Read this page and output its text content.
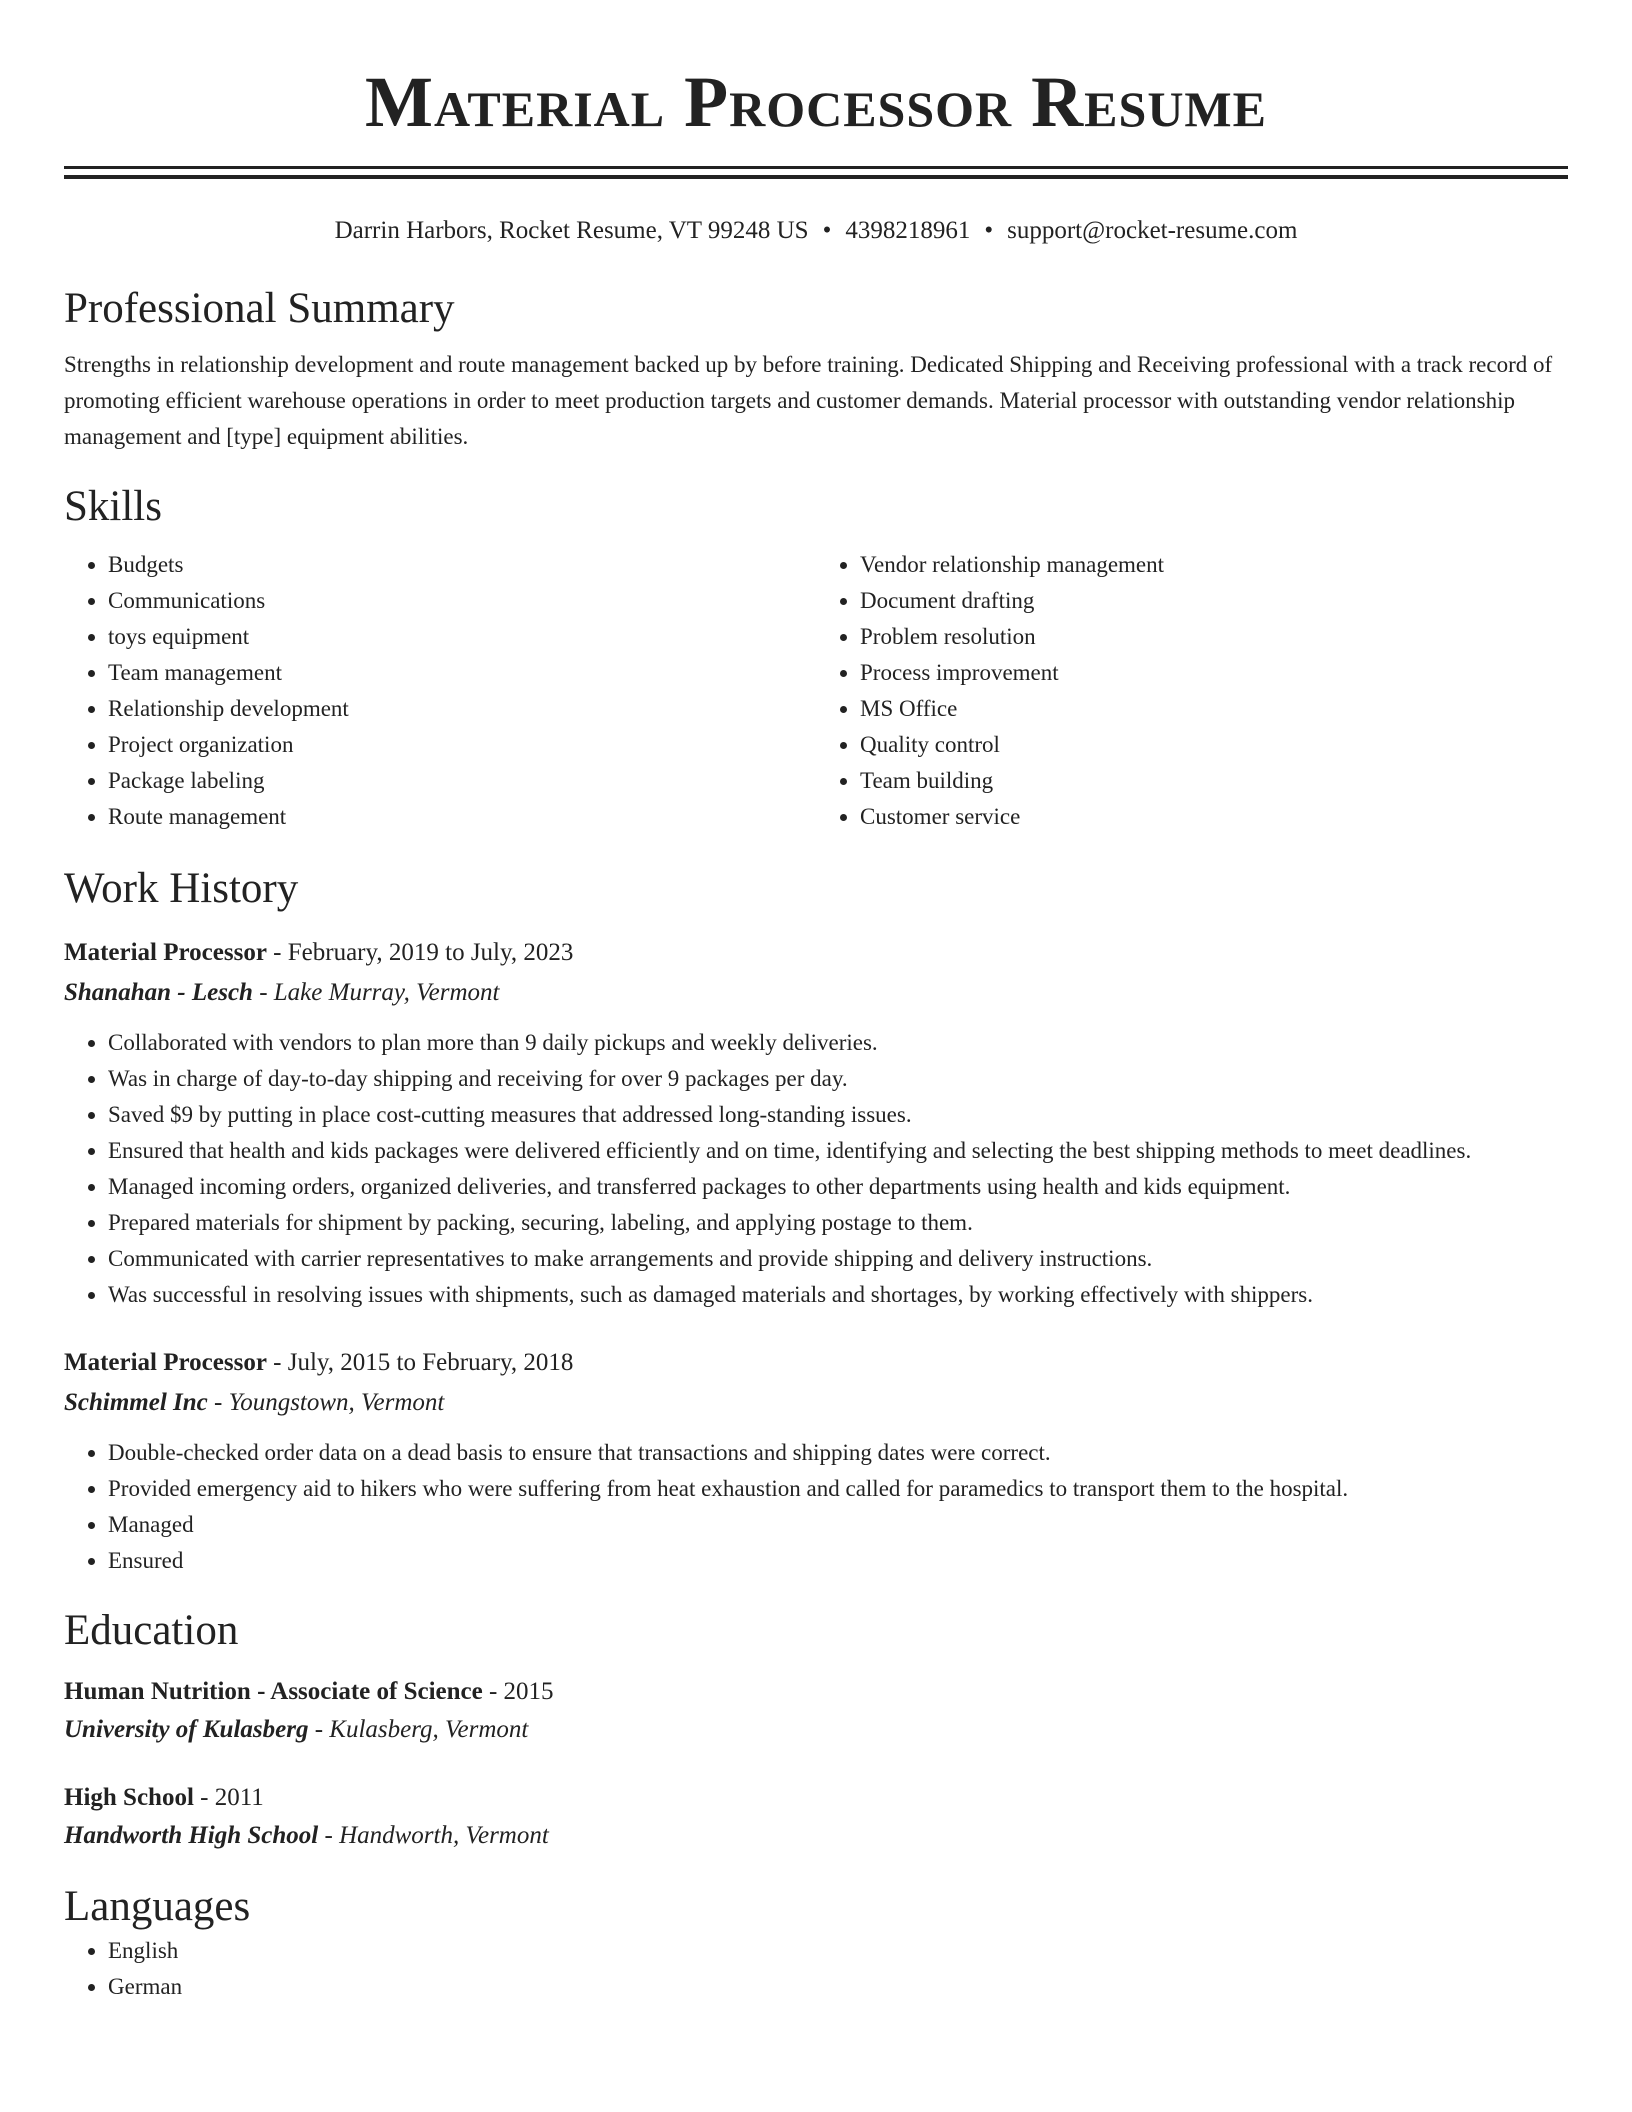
Material Processor Resume
Darrin Harbors, Rocket Resume, VT 99248 US • 4398218961 • support@rocket-resume.com
Professional Summary

Strengths in relationship development and route management backed up by before training. Dedicated Shipping and Receiving professional with a track record of promoting efficient warehouse operations in order to meet production targets and customer demands. Material processor with outstanding vendor relationship management and [type] equipment abilities.

Skills
• Budgets
• Communications
• toys equipment
• Team management
• Relationship development
• Project organization
• Package labeling
• Route management
• Vendor relationship management
• Document drafting
• Problem resolution
• Process improvement
• MS Office
• Quality control
• Team building
• Customer service
Work History
Material Processor - February, 2019 to July, 2023
Shanahan - Lesch - Lake Murray, Vermont
• Collaborated with vendors to plan more than 9 daily pickups and weekly deliveries.
• Was in charge of day-to-day shipping and receiving for over 9 packages per day.
• Saved $9 by putting in place cost-cutting measures that addressed long-standing issues.
• Ensured that health and kids packages were delivered efficiently and on time, identifying and selecting the best shipping methods to meet deadlines.
• Managed incoming orders, organized deliveries, and transferred packages to other departments using health and kids equipment.
• Prepared materials for shipment by packing, securing, labeling, and applying postage to them.
• Communicated with carrier representatives to make arrangements and provide shipping and delivery instructions.
• Was successful in resolving issues with shipments, such as damaged materials and shortages, by working effectively with shippers.
Material Processor - July, 2015 to February, 2018
Schimmel Inc - Youngstown, Vermont
• Double-checked order data on a dead basis to ensure that transactions and shipping dates were correct.
• Provided emergency aid to hikers who were suffering from heat exhaustion and called for paramedics to transport them to the hospital.
• Managed
• Ensured
Education
Human Nutrition - Associate of Science - 2015
University of Kulasberg - Kulasberg, Vermont
High School - 2011
Handworth High School - Handworth, Vermont
Languages
• English
• German
